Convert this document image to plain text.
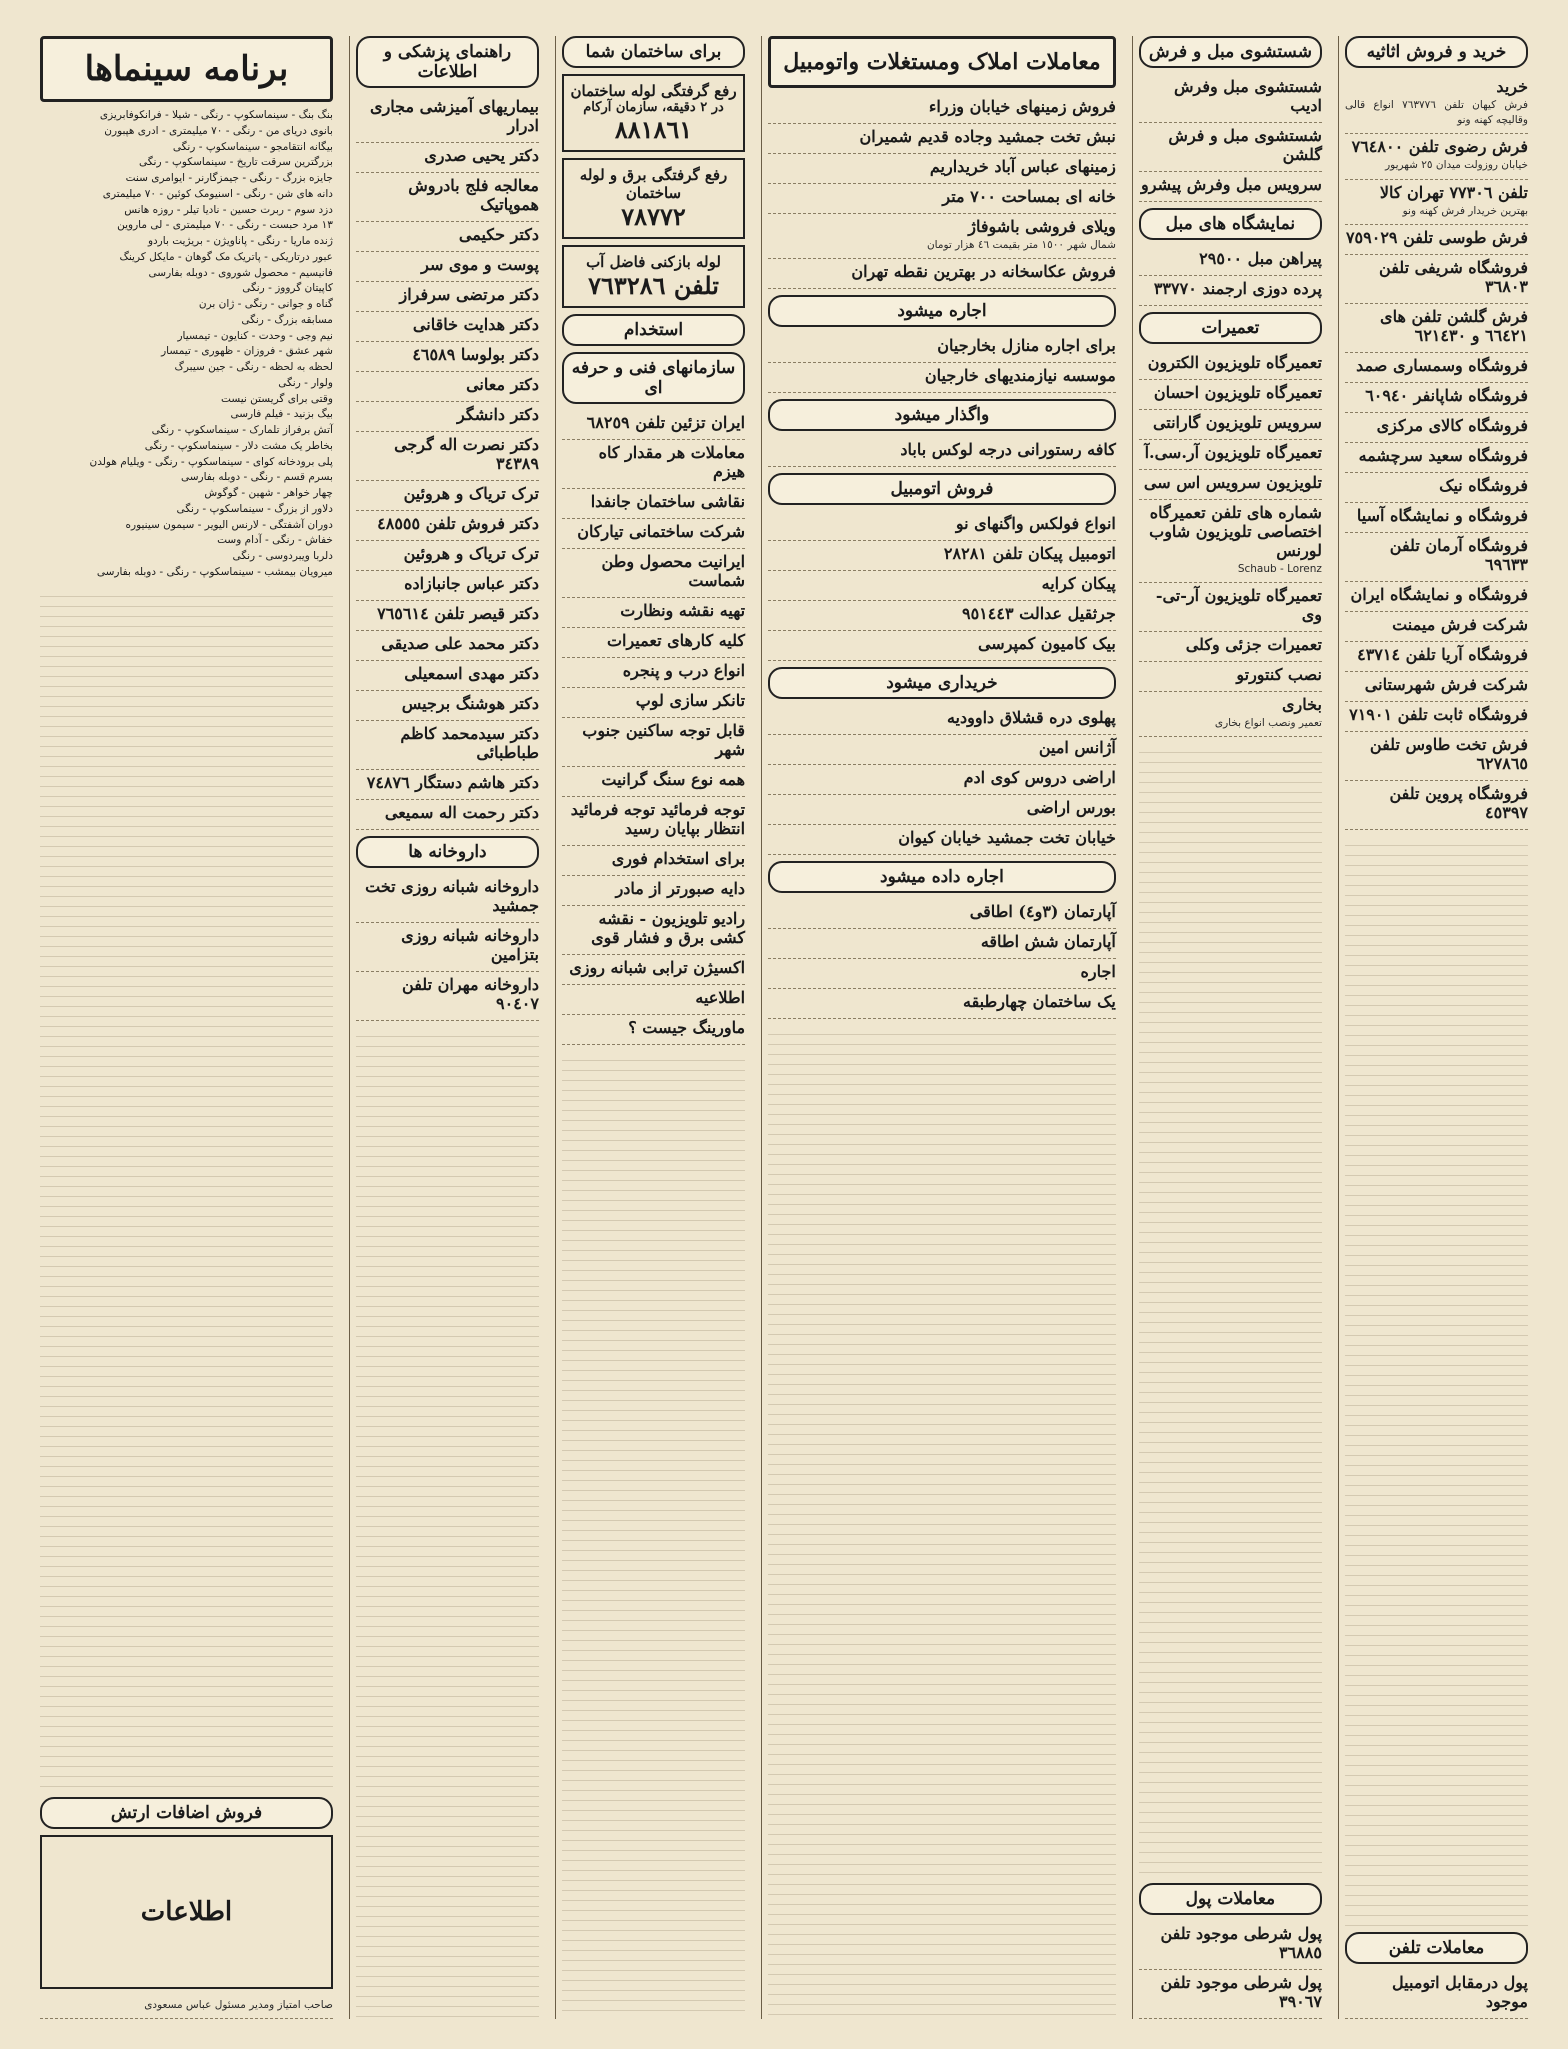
خرید و فروش اثاثیه
خرید

فرش کیهان تلفن ٧٦٣٧٧٦ انواع قالی وقالیچه کهنه ونو

فرش رضوی تلفن ٧٦٤٨٠٠

خیابان روزولت میدان ٢٥ شهریور

تلفن ٧٧٣٠٦ تهران کالا

بهترین خریدار فرش کهنه ونو

فرش طوسی تلفن ٧٥٩٠٢٩
فروشگاه شریفی تلفن ٣٦٨٠٣
فرش گلشن تلفن های ٦٦٤٢١ و ٦٢١٤٣٠
فروشگاه وسمساری صمد
فروشگاه شاپانفر ٦٠٩٤٠
فروشگاه کالای مرکزی
فروشگاه سعید سرچشمه
فروشگاه نیک
فروشگاه و نمایشگاه آسیا
فروشگاه آرمان تلفن ٦٩٦٣٣
فروشگاه و نمایشگاه ایران
شرکت فرش میمنت
فروشگاه آریا تلفن ٤٣٧١٤
شرکت فرش شهرستانی
فروشگاه ثابت تلفن ٧١٩٠١
فرش تخت طاوس تلفن ٦٢٧٨٦٥
فروشگاه پروین تلفن ٤٥٣٩٧
معاملات تلفن
پول درمقابل اتومبیل موجود
شستشوی مبل و فرش
شستشوی مبل وفرش ادیب
شستشوی مبل و فرش گلشن
سرویس مبل وفرش پیشرو
نمایشگاه های مبل
پیراهن مبل ٢٩٥٠٠
پرده دوزی ارجمند ٣٣٧٧٠
تعمیرات
تعمیرگاه تلویزیون الکترون
تعمیرگاه تلویزیون احسان
سرویس تلویزیون گارانتی
تعمیرگاه تلویزیون آر.سی.آ
تلویزیون سرویس اس سی
شماره های تلفن تعمیرگاه اختصاصی تلویزیون شاوب لورنس

Schaub - Lorenz

تعمیرگاه تلویزیون آر-تی-وی
تعمیرات جزئی وکلی
نصب کنتورتو
بخاری

تعمیر ونصب انواع بخاری

معاملات پول
پول شرطی موجود تلفن ٣٦٨٨٥
پول شرطی موجود تلفن ٣٩٠٦٧
معاملات املاک ومستغلات واتومبیل
فروش زمینهای خیابان وزراء
نبش تخت جمشید وجاده قدیم شمیران
زمینهای عباس آباد خریداریم
خانه ای بمساحت ٧٠٠ متر
ویلای فروشی باشوفاژ

شمال شهر ١٥٠٠ متر بقیمت ٤٦ هزار تومان

فروش عکاسخانه در بهترین نقطه تهران
اجاره میشود
برای اجاره منازل بخارجیان
موسسه نیازمندیهای خارجیان
واگذار میشود
کافه رستورانی درجه لوکس باباد
فروش اتومبیل
انواع فولکس واگنهای نو
اتومبیل پیکان تلفن ٢٨٢٨١
پیکان کرایه
جرثقیل عدالت ٩٥١٤٤٣
بیک کامیون کمپرسی
خریداری میشود
پهلوی دره قشلاق داوودیه
آژانس امین
اراضی دروس کوی ادم
بورس اراضی
خیابان تخت جمشید خیابان کیوان
اجاره داده میشود
آپارتمان (٣و٤) اطاقی
آپارتمان شش اطاقه
اجاره
یک ساختمان چهارطبقه
برای ساختمان شما
رفع گرفتگی لوله ساختمان
در ٢ دقیقه، سازمان آرکام
٨٨١٨٦١
رفع گرفتگی برق و لوله ساختمان
٧٨٧٧٢
لوله بازکنی فاضل آب
تلفن ٧٦٣٢٨٦
استخدام
سازمانهای فنی و حرفه ای
ایران تزئین تلفن ٦٨٢٥٩
معاملات هر مقدار کاه هیزم
نقاشی ساختمان جانفدا
شرکت ساختمانی تیارکان
ایرانیت محصول وطن شماست
تهیه نقشه ونظارت
کلیه کارهای تعمیرات
انواع درب و پنجره
تانکر سازی لوپ
قابل توجه ساکنین جنوب شهر
همه نوع سنگ گرانیت
توجه فرمائید توجه فرمائید انتظار بپایان رسید
برای استخدام فوری
دایه صبورتر از مادر
رادیو تلویزیون - نقشه کشی برق و فشار قوی
اکسیژن ترابی شبانه روزی
اطلاعیه
ماورینگ جیست ؟
راهنمای پزشکی و اطلاعات
بیماریهای آمیزشی مجاری ادرار
دکتر یحیی صدری
معالجه فلج بادروش هموپاتیک
دکتر حکیمی
پوست و موی سر
دکتر مرتضی سرفراز
دکتر هدایت خاقانی
دکتر بولوسا ٤٦٥٨٩
دکتر معانی
دکتر دانشگر
دکتر نصرت اله گرجی ٣٤٣٨٩
ترک تریاک و هروئین
دکتر فروش تلفن ٤٨٥٥٥
ترک تریاک و هروئین
دکتر عباس جانبازاده
دکتر قیصر تلفن ٧٦٥٦١٤
دکتر محمد علی صدیقی
دکتر مهدی اسمعیلی
دکتر هوشنگ برجیس
دکتر سیدمحمد کاظم طباطبائی
دکتر هاشم دستگار ٧٤٨٧٦
دکتر رحمت اله سمیعی
داروخانه ها
داروخانه شبانه روزی تخت جمشید
داروخانه شبانه روزی بتزامین
داروخانه مهران تلفن ٩٠٤٠٧
برنامه سینماها

بنگ بنگ - سینماسکوپ - رنگی - شیلا - فرانکوفابریزی

بانوی دریای من - رنگی - ٧٠ میلیمتری - ادری هپبورن

بیگانه انتقامجو - سینماسکوپ - رنگی

بزرگترین سرقت تاریخ - سینماسکوپ - رنگی

جایزه بزرگ - رنگی - جیمزگارنر - ایوامری سنت

دانه های شن - رنگی - اسنیومک کوئین - ٧٠ میلیمتری

دزد سوم - ربرت حسین - نادیا تیلر - روزه هانس

١٣ مرد حبست - رنگی - ٧٠ میلیمتری - لی ماروین

ژنده ماریا - رنگی - پاناویژن - بریژیت باردو

عبور درتاریکی - پاتریک مک گوهان - مایکل کرینگ

فانیسیم - محصول شوروی - دوبله بفارسی

کاپیتان گرووز - رنگی

گناه و جوانی - رنگی - ژان برن

مسابقه بزرگ - رنگی

نیم وجی - وحدت - کنایون - تیمسیار

شهر عشق - فروزان - ظهوری - تیمسار

لحظه به لحظه - رنگی - جین سیبرگ

ولوار - رنگی

وقتی برای گریستن نیست

بیگ بزنید - فیلم فارسی

آتش برفراز تلمارک - سینماسکوپ - رنگی

بخاطر یک مشت دلار - سینماسکوپ - رنگی

پلی برودخانه کوای - سینماسکوپ - رنگی - ویلیام هولدن

بسرم قسم - رنگی - دوبله بفارسی

چهار خواهر - شهین - گوگوش

دلاور از بزرگ - سینماسکوپ - رنگی

دوران آشفتگی - لارنس الیویر - سیمون سینیوره

خفاش - رنگی - آدام وست

دلربا ویبردوسی - رنگی

میرویان بیمشب - سینماسکوپ - رنگی - دوبله بفارسی

فروش اضافات ارتش
اطلاعات

صاحب امتیاز ومدیر مسئول عباس مسعودی
